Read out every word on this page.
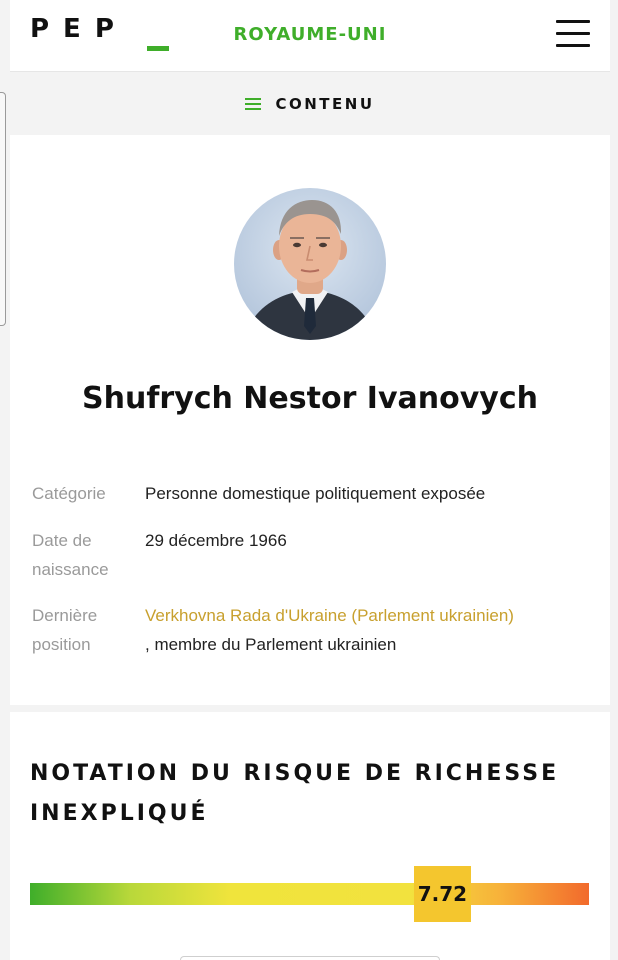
PEP	ROYAUME-UNI
CONTENU
Shufrych Nestor Ivanovych
Catégorie	Personne domestique politiquement exposée
Date de naissance
29 décembre 1966
Dernière position
Verkhovna Rada d'Ukraine (Parlement ukrainien)
, membre du Parlement ukrainien
NOTATION DU RISQUE DE RICHESSE INEXPLIQUÉ
7.72
